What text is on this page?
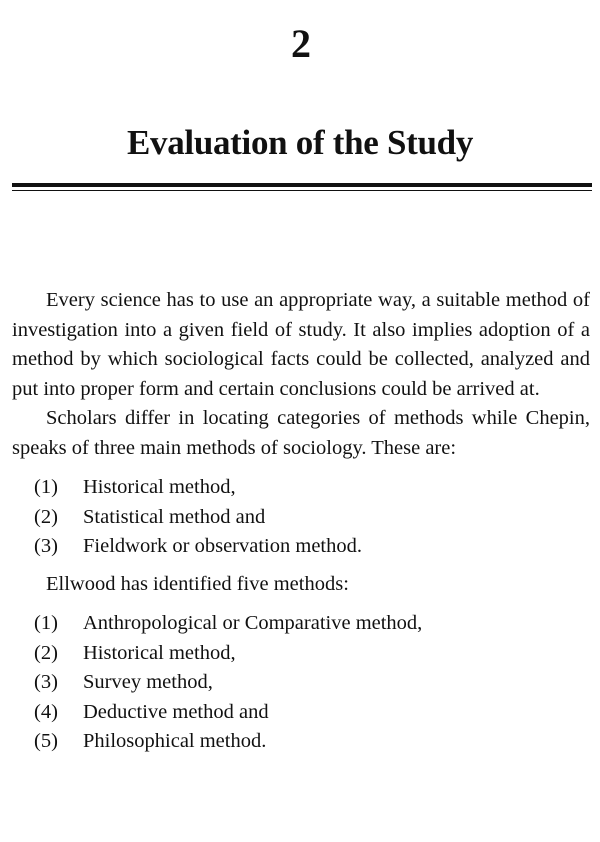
2
Evaluation of the Study

Every science has to use an appropriate way, a suitable method of investigation into a given field of study. It also implies adoption of a method by which sociological facts could be collected, analyzed and put into proper form and certain conclusions could be arrived at.

Scholars differ in locating categories of methods while Chepin, speaks of three main methods of sociology. These are:

(1)	Historical method,
(2)	Statistical method and
(3)	Fieldwork or observation method.

Ellwood has identified five methods:

(1)	Anthropological or Comparative method,
(2)	Historical method,
(3)	Survey method,
(4)	Deductive method and
(5)	Philosophical method.
